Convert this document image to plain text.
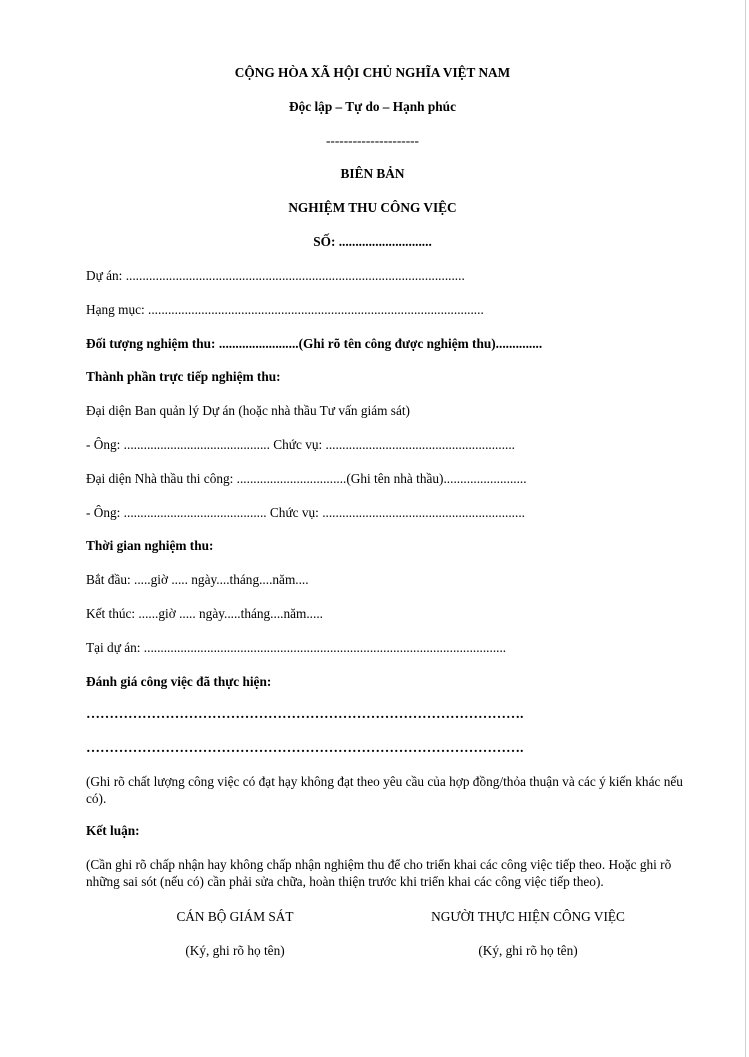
CỘNG HÒA XÃ HỘI CHỦ NGHĨA VIỆT NAM
Độc lập – Tự do – Hạnh phúc
---------------------
BIÊN BẢN
NGHIỆM THU CÔNG VIỆC
SỐ: ............................
Dự án: ......................................................................................................
Hạng mục: .....................................................................................................
Đối tượng nghiệm thu: ........................(Ghi rõ tên công được nghiệm thu)..............
Thành phần trực tiếp nghiệm thu:
Đại diện Ban quản lý Dự án (hoặc nhà thầu Tư vấn giám sát)
- Ông: ............................................ Chức vụ: .........................................................
Đại diện Nhà thầu thi công: .................................(Ghi tên nhà thầu).........................
- Ông: ........................................... Chức vụ: .............................................................
Thời gian nghiệm thu:
Bắt đầu: .....giờ ..... ngày....tháng....năm....
Kết thúc: ......giờ ..... ngày.....tháng....năm.....
Tại dự án: .............................................................................................................
Đánh giá công việc đã thực hiện:
………………………………………………………………………………….
………………………………………………………………………………….
(Ghi rõ chất lượng công việc có đạt hạy không đạt theo yêu cầu của hợp đồng/thỏa thuận và các ý kiến khác nếu có).
Kết luận:
(Cần ghi rõ chấp nhận hay không chấp nhận nghiệm thu để cho triển khai các công việc tiếp theo. Hoặc ghi rõ những sai sót (nếu có) cần phải sửa chữa, hoàn thiện trước khi triển khai các công việc tiếp theo).
CÁN BỘ GIÁM SÁT
(Ký, ghi rõ họ tên)
NGƯỜI THỰC HIỆN CÔNG VIỆC
(Ký, ghi rõ họ tên)
